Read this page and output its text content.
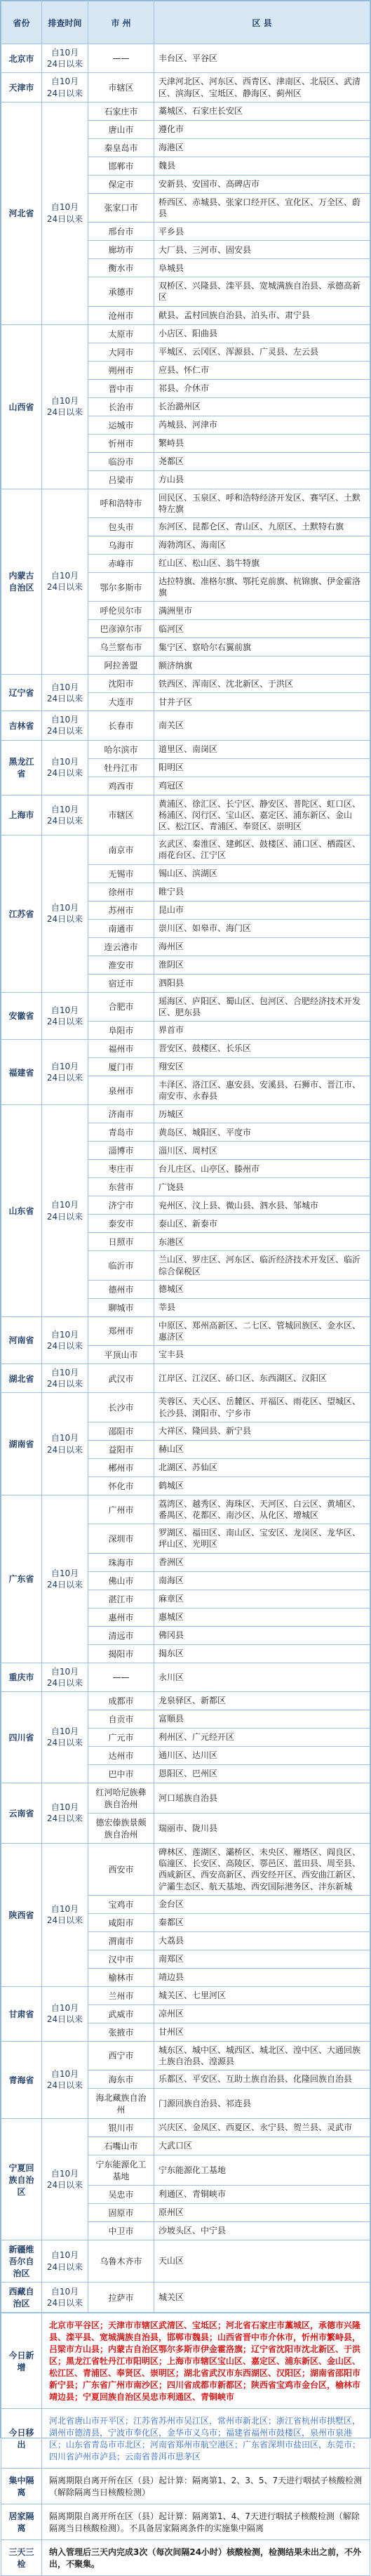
省份	排查时间	市 州	区 县
北京市	自10月24日以来	——	丰台区、平谷区
天津市	自10月24日以来	市辖区	天津河北区、河东区、西青区、津南区、北辰区、武清区、滨海区、宝坻区、静海区、蓟州区
河北省	自10月24日以来	石家庄市	藁城区、石家庄长安区
		唐山市	遵化市
		秦皇岛市	海港区
		邯郸市	魏县
		保定市	安新县、安国市、高碑店市
		张家口市	桥西区、赤城县、张家口经开区、宣化区、万全区、蔚县
		邢台市	平乡县
		廊坊市	大厂县、三河市、固安县
		衡水市	阜城县
		承德市	双桥区、兴隆县、滦平县、宽城满族自治县、承德高新区
		沧州市	献县、孟村回族自治县、泊头市、肃宁县
山西省	自10月24日以来	太原市	小店区、阳曲县
		大同市	平城区、云冈区、浑源县、广灵县、左云县
		朔州市	应县、怀仁市
		晋中市	祁县、介休市
		长治市	长治潞州区
		运城市	芮城县、河津市
		忻州市	繁峙县
		临汾市	尧都区
		吕梁市	方山县
内蒙古自治区	自10月24日以来	呼和浩特市	回民区、玉泉区、呼和浩特经济开发区、赛罕区、土默特左旗
		包头市	东河区、昆都仑区、青山区、九原区、土默特右旗
		乌海市	海勃湾区、海南区
		赤峰市	红山区、松山区、翁牛特旗
		鄂尔多斯市	达拉特旗、准格尔旗、鄂托克前旗、杭锦旗、伊金霍洛旗
		呼伦贝尔市	满洲里市
		巴彦淖尔市	临河区
		乌兰察布市	集宁区、察哈尔右翼前旗
		阿拉善盟	额济纳旗
辽宁省	自10月24日以来	沈阳市	铁西区、浑南区、沈北新区、于洪区
		大连市	甘井子区
吉林省	自10月24日以来	长春市	南关区
黑龙江省	自10月24日以来	哈尔滨市	道里区、南岗区
		牡丹江市	阳明区
		鸡西市	鸡冠区
上海市	自10月24日以来	市辖区	黄浦区、徐汇区、长宁区、静安区、普陀区、虹口区、杨浦区、闵行区、宝山区、嘉定区、浦东新区、金山区、松江区、青浦区、奉贤区、崇明区
江苏省	自10月24日以来	南京市	玄武区、秦淮区、建邺区、鼓楼区、浦口区、栖霞区、雨花台区、江宁区
		无锡市	锡山区、滨湖区
		徐州市	睢宁县
		苏州市	昆山市
		南通市	崇川区、如皋市、海门区
		连云港市	海州区
		淮安市	淮阴区
		宿迁市	泗阳县
安徽省	自10月24日以来	合肥市	瑶海区、庐阳区、蜀山区、包河区、合肥经济技术开发区、肥东县
		阜阳市	界首市
福建省	自10月24日以来	福州市	晋安区、鼓楼区、长乐区
		厦门市	翔安区
		泉州市	丰泽区、洛江区、惠安县、安溪县、石狮市、晋江市、南安市、永春县
山东省	自10月24日以来	济南市	历城区
		青岛市	黄岛区、城阳区、平度市
		淄博市	淄川区、周村区
		枣庄市	台儿庄区、山亭区、滕州市
		东营市	广饶县
		济宁市	兖州区、汶上县、微山县、泗水县、邹城市
		泰安市	泰山区、新泰市
		日照市	东港区
		临沂市	兰山区、罗庄区、河东区、临沂经济技术开发区、临沂综合保税区
		德州市	德城区
		聊城市	莘县
河南省	自10月24日以来	郑州市	中原区、郑州高新区、二七区、管城回族区、金水区、惠济区
		平顶山市	宝丰县
湖北省	自10月24日以来	武汉市	江岸区、江汉区、硚口区、东西湖区、汉阳区
湖南省	自10月24日以来	长沙市	芙蓉区、天心区、岳麓区、开福区、雨花区、望城区、长沙县、浏阳市、宁乡市
		邵阳市	大祥区、隆回县、新宁县
		益阳市	赫山区
		郴州市	北湖区、苏仙区
		怀化市	鹤城区
广东省	自10月24日以来	广州市	荔湾区、越秀区、海珠区、天河区、白云区、黄埔区、番禺区、花都区、南沙区、从化区、增城区
		深圳市	罗湖区、福田区、南山区、宝安区、龙岗区、龙华区、坪山区、光明区
		珠海市	香洲区
		佛山市	南海区
		湛江市	麻章区
		惠州市	惠城区
		清远市	佛冈县
		揭阳市	揭东区
重庆市	自10月24日以来	——	永川区
四川省	自10月24日以来	成都市	龙泉驿区、新都区
		自贡市	富顺县
		广元市	利州区、广元经开区
		达州市	通川区、达川区
		巴中市	恩阳区、巴州区
云南省	自10月24日以来	红河哈尼族彝族自治州	河口瑶族自治县
		德宏傣族景颇族自治州	瑞丽市、陇川县
陕西省	自10月24日以来	西安市	碑林区、莲湖区、灞桥区、未央区、雁塔区、阎良区、临潼区、长安区、高陵区、鄠邑区、蓝田县、周至县、西咸新区、西安高新区、西安经开区、西安曲江新区、浐灞生态区、航天基地、西安国际港务区、沣东新城
		宝鸡市	金台区
		咸阳市	秦都区
		渭南市	大荔县
		汉中市	南郑区
		榆林市	靖边县
甘肃省	自10月24日以来	兰州市	城关区、七里河区
		武威市	凉州区
		张掖市	甘州区
青海省	自10月24日以来	西宁市	城东区、城中区、城西区、城北区、湟中区、大通回族土族自治县、湟源县
		海东市	乐都区、平安区、互助土族自治县、化隆回族自治县
		海北藏族自治州	门源回族自治县、祁连县
宁夏回族自治区	自10月24日以来	银川市	兴庆区、金凤区、西夏区、永宁县、贺兰县、灵武市
		石嘴山市	大武口区
		宁东能源化工基地	宁东能源化工基地
		吴忠市	利通区、青铜峡市
		固原市	原州区
		中卫市	沙坡头区、中宁县
新疆维吾尔自治区	自10月24日以来	乌鲁木齐市	天山区
西藏自治区	自10月24日以来	拉萨市	城关区
今日新增	北京市平谷区；天津市市辖区武清区、宝坻区；河北省石家庄市藁城区，承德市兴隆县、滦平县、宽城满族自治县，邯郸市魏县；山西省晋中市介休市，忻州市繁峙县，吕梁市方山县；内蒙古自治区鄂尔多斯市伊金霍洛旗；辽宁省沈阳市沈北新区、于洪区；黑龙江省牡丹江市阳明区；上海市市辖区宝山区、嘉定区、浦东新区、金山区、松江区、青浦区、奉贤区、崇明区；湖北省武汉市东西湖区、汉阳区；湖南省邵阳市新宁县；广东省广州市南沙区；四川省成都市新都区；陕西省宝鸡市金台区，榆林市靖边县；宁夏回族自治区吴忠市利通区、青铜峡市
今日移出	河北省唐山市开平区；江苏省苏州市吴江区，常州市新北区；浙江省杭州市拱墅区，湖州市德清县，宁波市奉化区，金华市义乌市；福建省福州市鼓楼区，泉州市泉港区；山东省青岛市市北区；河南省郑州市航空港区；广东省深圳市盐田区，东莞市；四川省泸州市泸县；云南省普洱市思茅区
集中隔离	隔离期限自离开所在区（县）起计算：隔离第1、2、3、5、7天进行咽拭子核酸检测（解除隔离当日核酸检测）
居家隔离	隔离期限自离开所在区（县）起计算：隔离第1、4、7天进行咽拭子核酸检测（解除隔离当日核酸检测）。不具备居家隔离条件的实施集中隔离
三天三检	纳入管理后三天内完成3次（每次间隔24小时）核酸检测，检测结果未出之前，不外出，不聚集。
